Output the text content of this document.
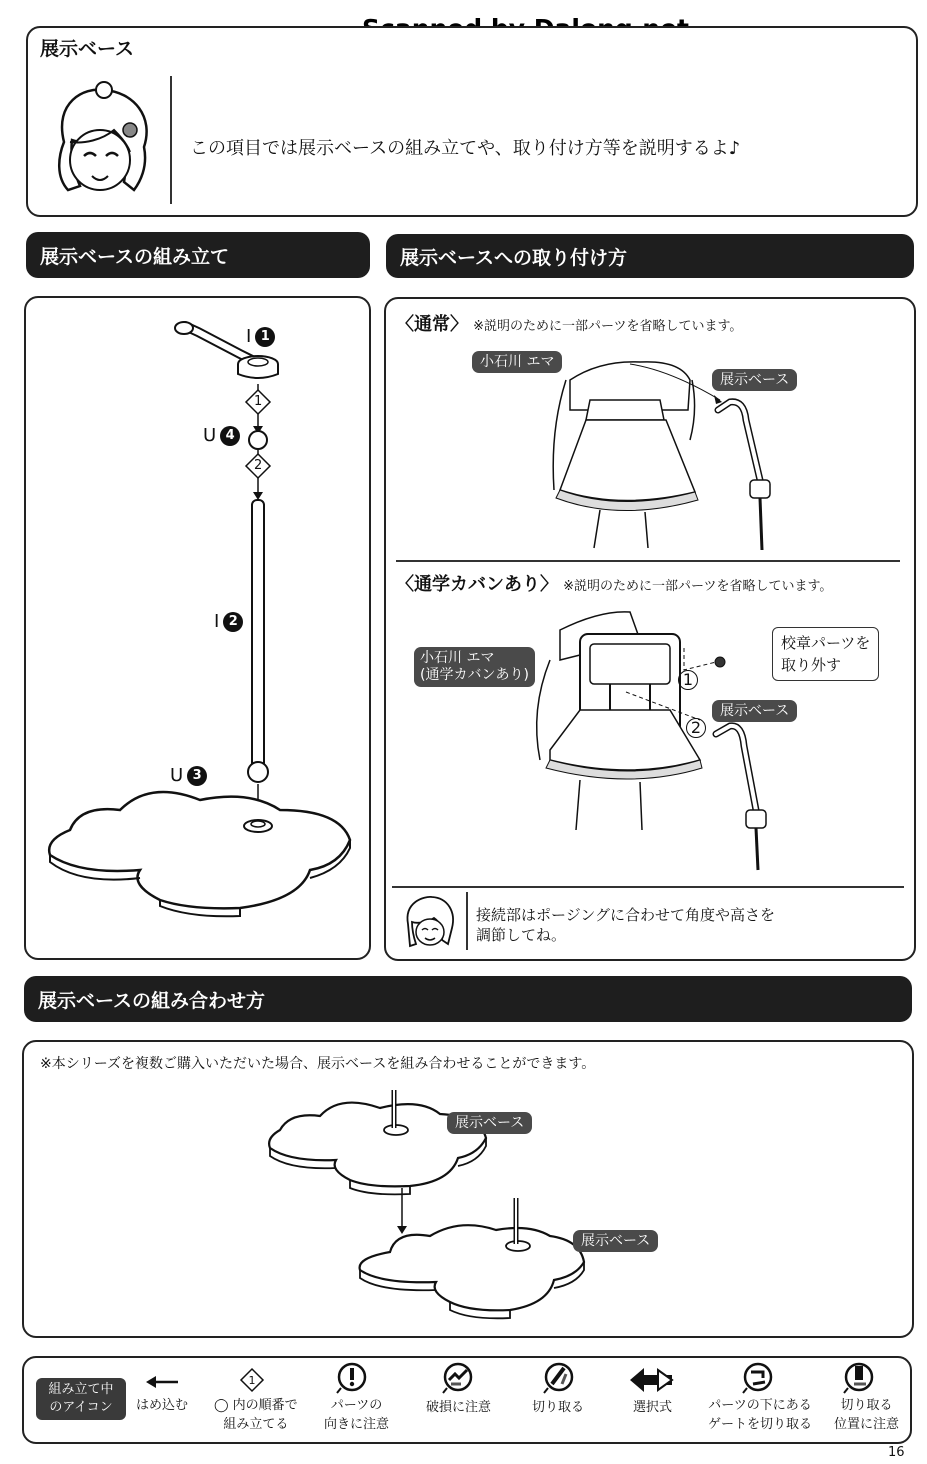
展示ベース
この項目では展示ベースの組み立てや、取り付け方等を説明するよ♪
展示ベースの組み立て	展示ベースへの取り付け方
I 1
U 4
I 2
U 3
1
2
〈通常〉 ※説明のために一部パーツを省略しています。
小石川 エマ
展示ベース
〈通学カバンあり〉 ※説明のために一部パーツを省略しています。
小石川 エマ
(通学カバンあり)
校章パーツを
取り外す
展示ベース
1
2
接続部はポージングに合わせて角度や高さを
調節してね。
展示ベースの組み合わせ方
※本シリーズを複数ご購入いただいた場合、展示ベースを組み合わせることができます。
展示ベース
展示ベース
組み立て中
のアイコン	はめ込む
1
◯ 内の順番で
組み立てる
パーツの
向きに注意
破損に注意	切り取る	選択式	パーツの下にある
ゲートを切り取る
切り取る
位置に注意
16
